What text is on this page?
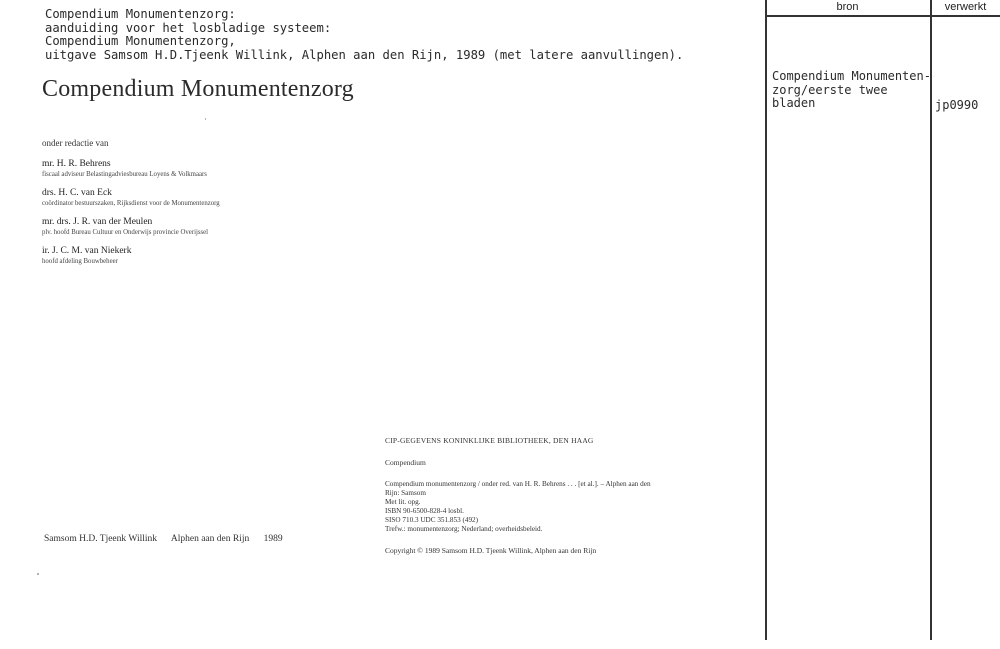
Compendium Monumentenzorg:
aanduiding voor het losbladige systeem:
Compendium Monumentenzorg,
uitgave Samsom H.D.Tjeenk Willink, Alphen aan den Rijn, 1989 (met latere aanvullingen).
Compendium Monumentenzorg
onder redactie van
mr. H. R. Behrens
fiscaal adviseur Belastingadviesbureau Loyens & Volkmaars
drs. H. C. van Eck
coördinator bestuurszaken, Rijksdienst voor de Monumentenzorg
mr. drs. J. R. van der Meulen
plv. hoofd Bureau Cultuur en Onderwijs provincie Overijssel
ir. J. C. M. van Niekerk
hoofd afdeling Bouwbeheer
Samsom H.D. Tjeenk Willink Alphen aan den Rijn 1989
CIP-GEGEVENS KONINKLIJKE BIBLIOTHEEK, DEN HAAG
Compendium
Compendium monumentenzorg / onder red. van H. R. Behrens . . . [et al.]. – Alphen aan den
Rijn: Samsom
Met lit. opg.
ISBN 90-6500-828-4 losbl.
SISO 710.3 UDC 351.853 (492)
Trefw.: monumentenzorg; Nederland; overheidsbeleid.
Copyright © 1989 Samsom H.D. Tjeenk Willink, Alphen aan den Rijn
bron	verwerkt
Compendium Monumenten-
zorg/eerste twee
bladen	jp0990
